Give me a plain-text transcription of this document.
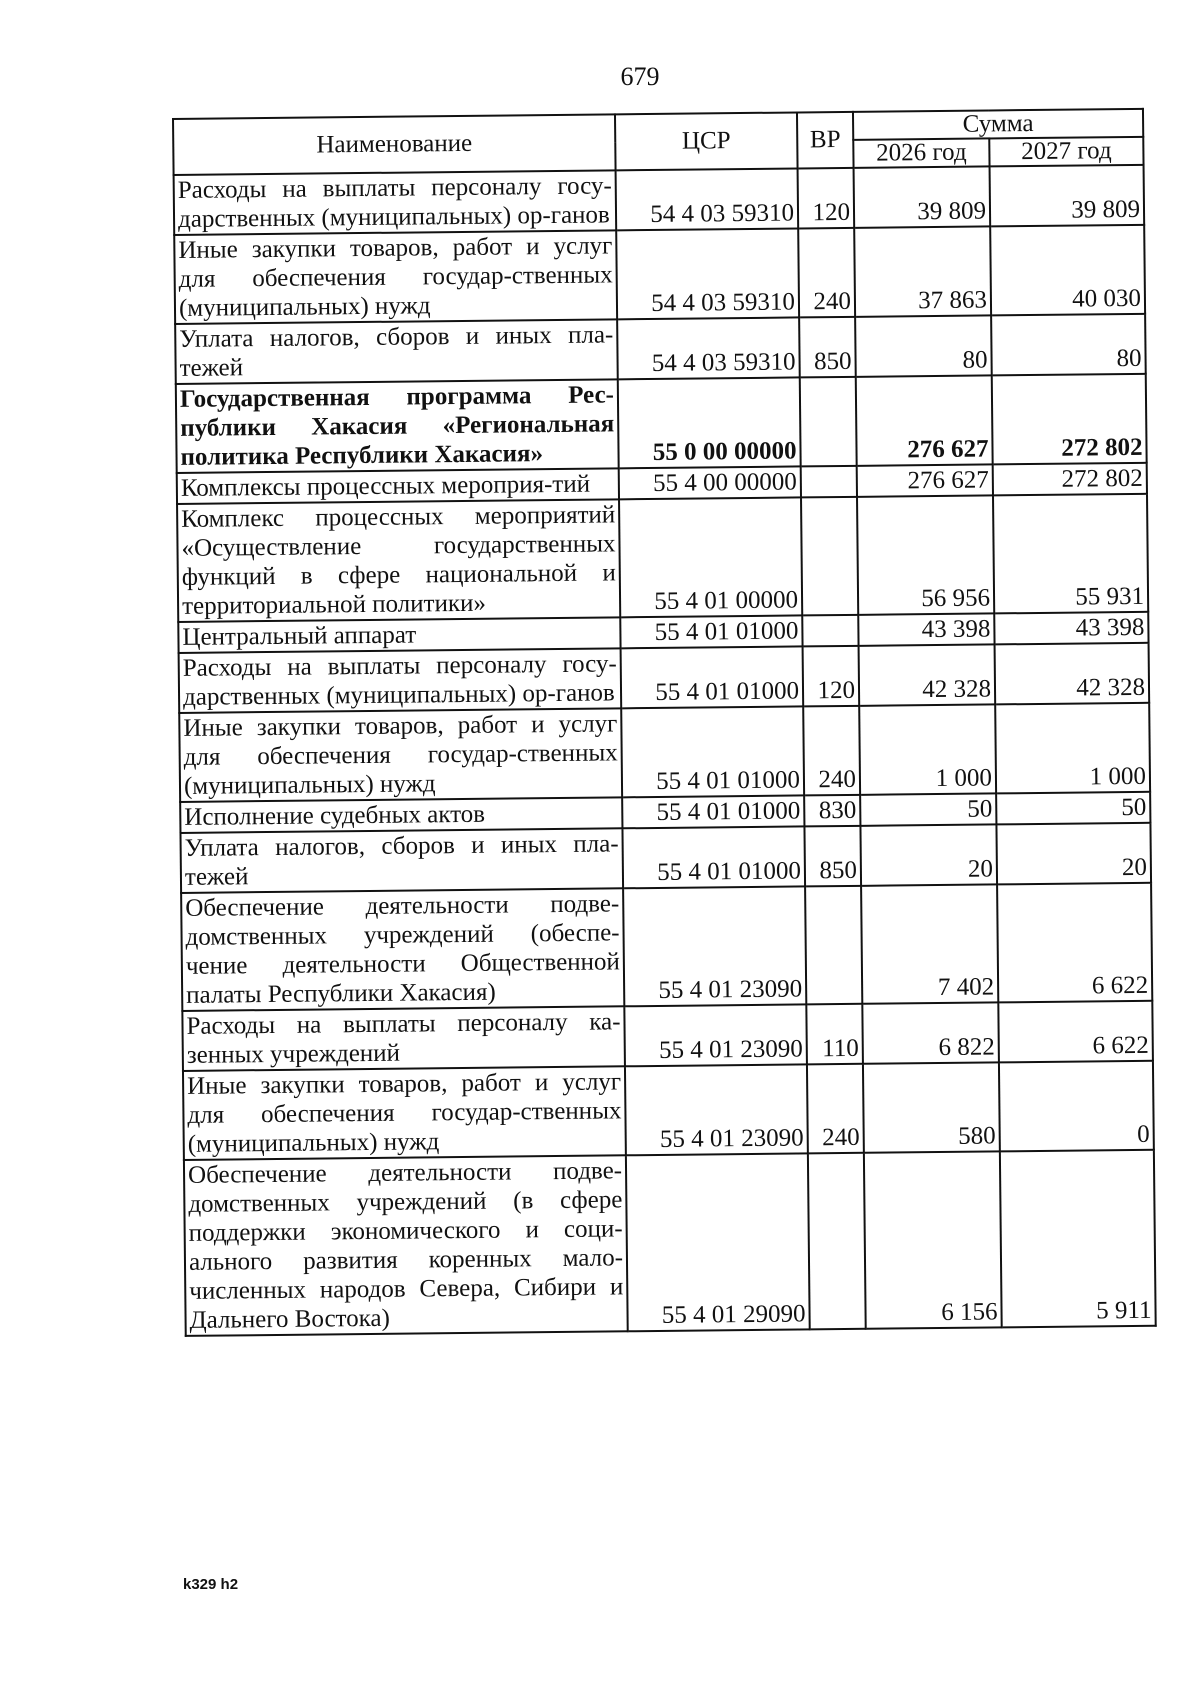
679
Наименование	ЦСР	ВР	Сумма	
			2026 год	2027 год
Расходы на выплаты персоналу госу-дарственных (муниципальных) ор-ганов	54 4 03 59310	120	39 809	39 809
Иные закупки товаров, работ и услуг для обеспечения государ-ственных (муниципальных) нужд	54 4 03 59310	240	37 863	40 030
Уплата налогов, сборов и иных пла-тежей	54 4 03 59310	850	80	80
Государственная программа Рес-публики Хакасия «Региональная политика Республики Хакасия»	55 0 00 00000		276 627	272 802
Комплексы процессных мероприя-тий	55 4 00 00000		276 627	272 802
Комплекс процессных мероприятий «Осуществление государственных функций в сфере национальной и территориальной политики»	55 4 01 00000		56 956	55 931
Центральный аппарат	55 4 01 01000		43 398	43 398
Расходы на выплаты персоналу госу-дарственных (муниципальных) ор-ганов	55 4 01 01000	120	42 328	42 328
Иные закупки товаров, работ и услуг для обеспечения государ-ственных (муниципальных) нужд	55 4 01 01000	240	1 000	1 000
Исполнение судебных актов	55 4 01 01000	830	50	50
Уплата налогов, сборов и иных пла-тежей	55 4 01 01000	850	20	20
Обеспечение деятельности подве-домственных учреждений (обеспе-чение деятельности Общественной палаты Республики Хакасия)	55 4 01 23090		7 402	6 622
Расходы на выплаты персоналу ка-зенных учреждений	55 4 01 23090	110	6 822	6 622
Иные закупки товаров, работ и услуг для обеспечения государ-ственных (муниципальных) нужд	55 4 01 23090	240	580	0
Обеспечение деятельности подве-домственных учреждений (в сфере поддержки экономического и соци-ального развития коренных мало-численных народов Севера, Сибири и Дальнего Востока)	55 4 01 29090		6 156	5 911
k329 h2
